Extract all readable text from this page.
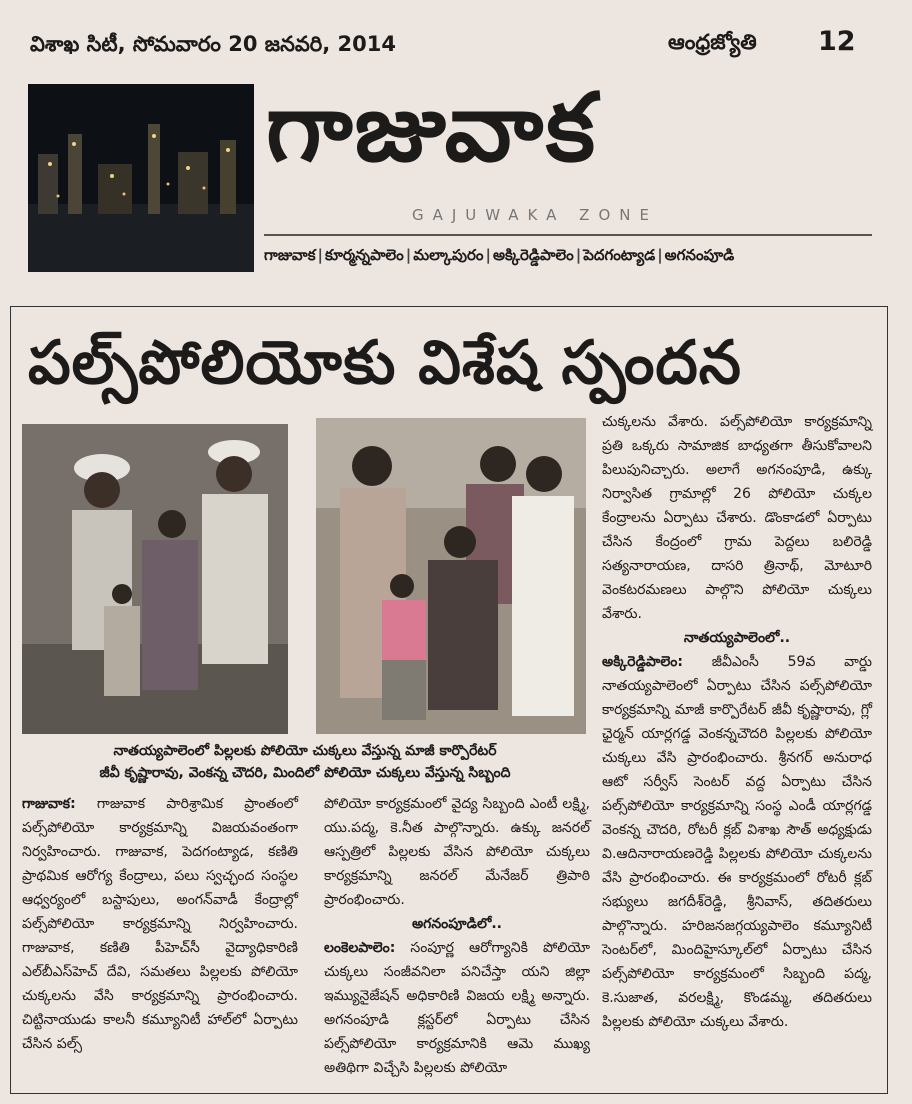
విశాఖ సిటీ, సోమవారం 20 జనవరి, 2014	ఆంధ్రజ్యోతి 12
గాజువాక
GAJUWAKA ZONE
గాజువాక | కూర్మన్నపాలెం | మల్కాపురం | అక్కిరెడ్డిపాలెం | పెదగంట్యాడ | అగనంపూడి
పల్స్‌పోలియోకు విశేష స్పందన
నాతయ్యపాలెంలో పిల్లలకు పోలియో చుక్కలు వేస్తున్న మాజీ కార్పొరేటర్
జీవీ కృష్ణారావు, వెంకన్న చౌదరి, మిందిలో పోలియో చుక్కలు వేస్తున్న సిబ్బంది

గాజువాక: గాజువాక పారిశ్రామిక ప్రాంతంలో పల్స్‌పోలియో కార్యక్రమాన్ని విజయవంతంగా నిర్వహించారు. గాజువాక, పెదగంట్యాడ, కణితి ప్రాథమిక ఆరోగ్య కేంద్రాలు, పలు స్వచ్ఛంద సంస్థల ఆధ్వర్యంలో బస్టాపులు, అంగన్‌వాడీ కేంద్రాల్లో పల్స్‌పోలియో కార్యక్రమాన్ని నిర్వహించారు. గాజువాక, కణితి పీహెచ్‌సీ వైద్యాధికారిణి ఎల్‌బీఎస్‌హెచ్ దేవి, సమతలు పిల్లలకు పోలియో చుక్కలను వేసి కార్యక్రమాన్ని ప్రారంభించారు. చిట్టినాయుడు కాలనీ కమ్యూనిటీ హాల్‌లో ఏర్పాటు చేసిన పల్స్

పోలియో కార్యక్రమంలో వైద్య సిబ్బంది ఎంటీ లక్ష్మి, యు.పద్మ, కె.నీత పాల్గొన్నారు. ఉక్కు జనరల్ ఆస్పత్రిలో పిల్లలకు వేసిన పోలియో చుక్కలు కార్యక్రమాన్ని జనరల్ మేనేజర్ త్రిపాఠి ప్రారంభించారు.

అగనంపూడిలో..

లంకెలపాలెం: సంపూర్ణ ఆరోగ్యానికి పోలియో చుక్కలు సంజీవనిలా పనిచేస్తా యని జిల్లా ఇమ్యునైజేషన్ అధికారిణి విజయ లక్ష్మి అన్నారు. అగనంపూడి క్లస్టర్‌లో ఏర్పాటు చేసిన పల్స్‌పోలియో కార్యక్రమానికి ఆమె ముఖ్య అతిథిగా విచ్చేసి పిల్లలకు పోలియో

చుక్కలను వేశారు. పల్స్‌పోలియో కార్యక్రమాన్ని ప్రతి ఒక్కరు సామాజిక బాధ్యతగా తీసుకోవాలని పిలుపునిచ్చారు. అలాగే అగనంపూడి, ఉక్కు నిర్వాసిత గ్రామాల్లో 26 పోలియో చుక్కల కేంద్రాలను ఏర్పాటు చేశారు. డొంకాడలో ఏర్పాటు చేసిన కేంద్రంలో గ్రామ పెద్దలు బలిరెడ్డి సత్యనారాయణ, దాసరి త్రినాథ్, మోటూరి వెంకటరమణలు పాల్గొని పోలియో చుక్కలు వేశారు.

నాతయ్యపాలెంలో..

అక్కిరెడ్డిపాలెం: జీవీఎంసీ 59వ వార్డు నాతయ్యపాలెంలో ఏర్పాటు చేసిన పల్స్‌పోలియో కార్యక్రమాన్ని మాజీ కార్పొరేటర్ జీవీ కృష్ణారావు, గ్లో ఛైర్మన్ యార్లగడ్డ వెంకన్నచౌదరి పిల్లలకు పోలియో చుక్కలు వేసి ప్రారంభించారు. శ్రీనగర్ అనురాధ ఆటో సర్వీస్ సెంటర్ వద్ద ఏర్పాటు చేసిన పల్స్‌పోలియో కార్యక్రమాన్ని సంస్థ ఎండీ యార్లగడ్డ వెంకన్న చౌదరి, రోటరీ క్లబ్ విశాఖ సౌత్ అధ్యక్షుడు వి.ఆదినారాయణరెడ్డి పిల్లలకు పోలియో చుక్కలను వేసి ప్రారంభించారు. ఈ కార్యక్రమంలో రోటరీ క్లబ్ సభ్యులు జగదీశ్‌రెడ్డి, శ్రీనివాస్, తదితరులు పాల్గొన్నారు. హరిజనజగ్గయ్యపాలెం కమ్యూనిటీ సెంటర్‌లో, మిందిహైస్కూల్‌లో ఏర్పాటు చేసిన పల్స్‌పోలియో కార్యక్రమంలో సిబ్బంది పద్మ, కె.సుజాత, వరలక్ష్మి, కొండమ్మ, తదితరులు పిల్లలకు పోలియో చుక్కలు వేశారు.
